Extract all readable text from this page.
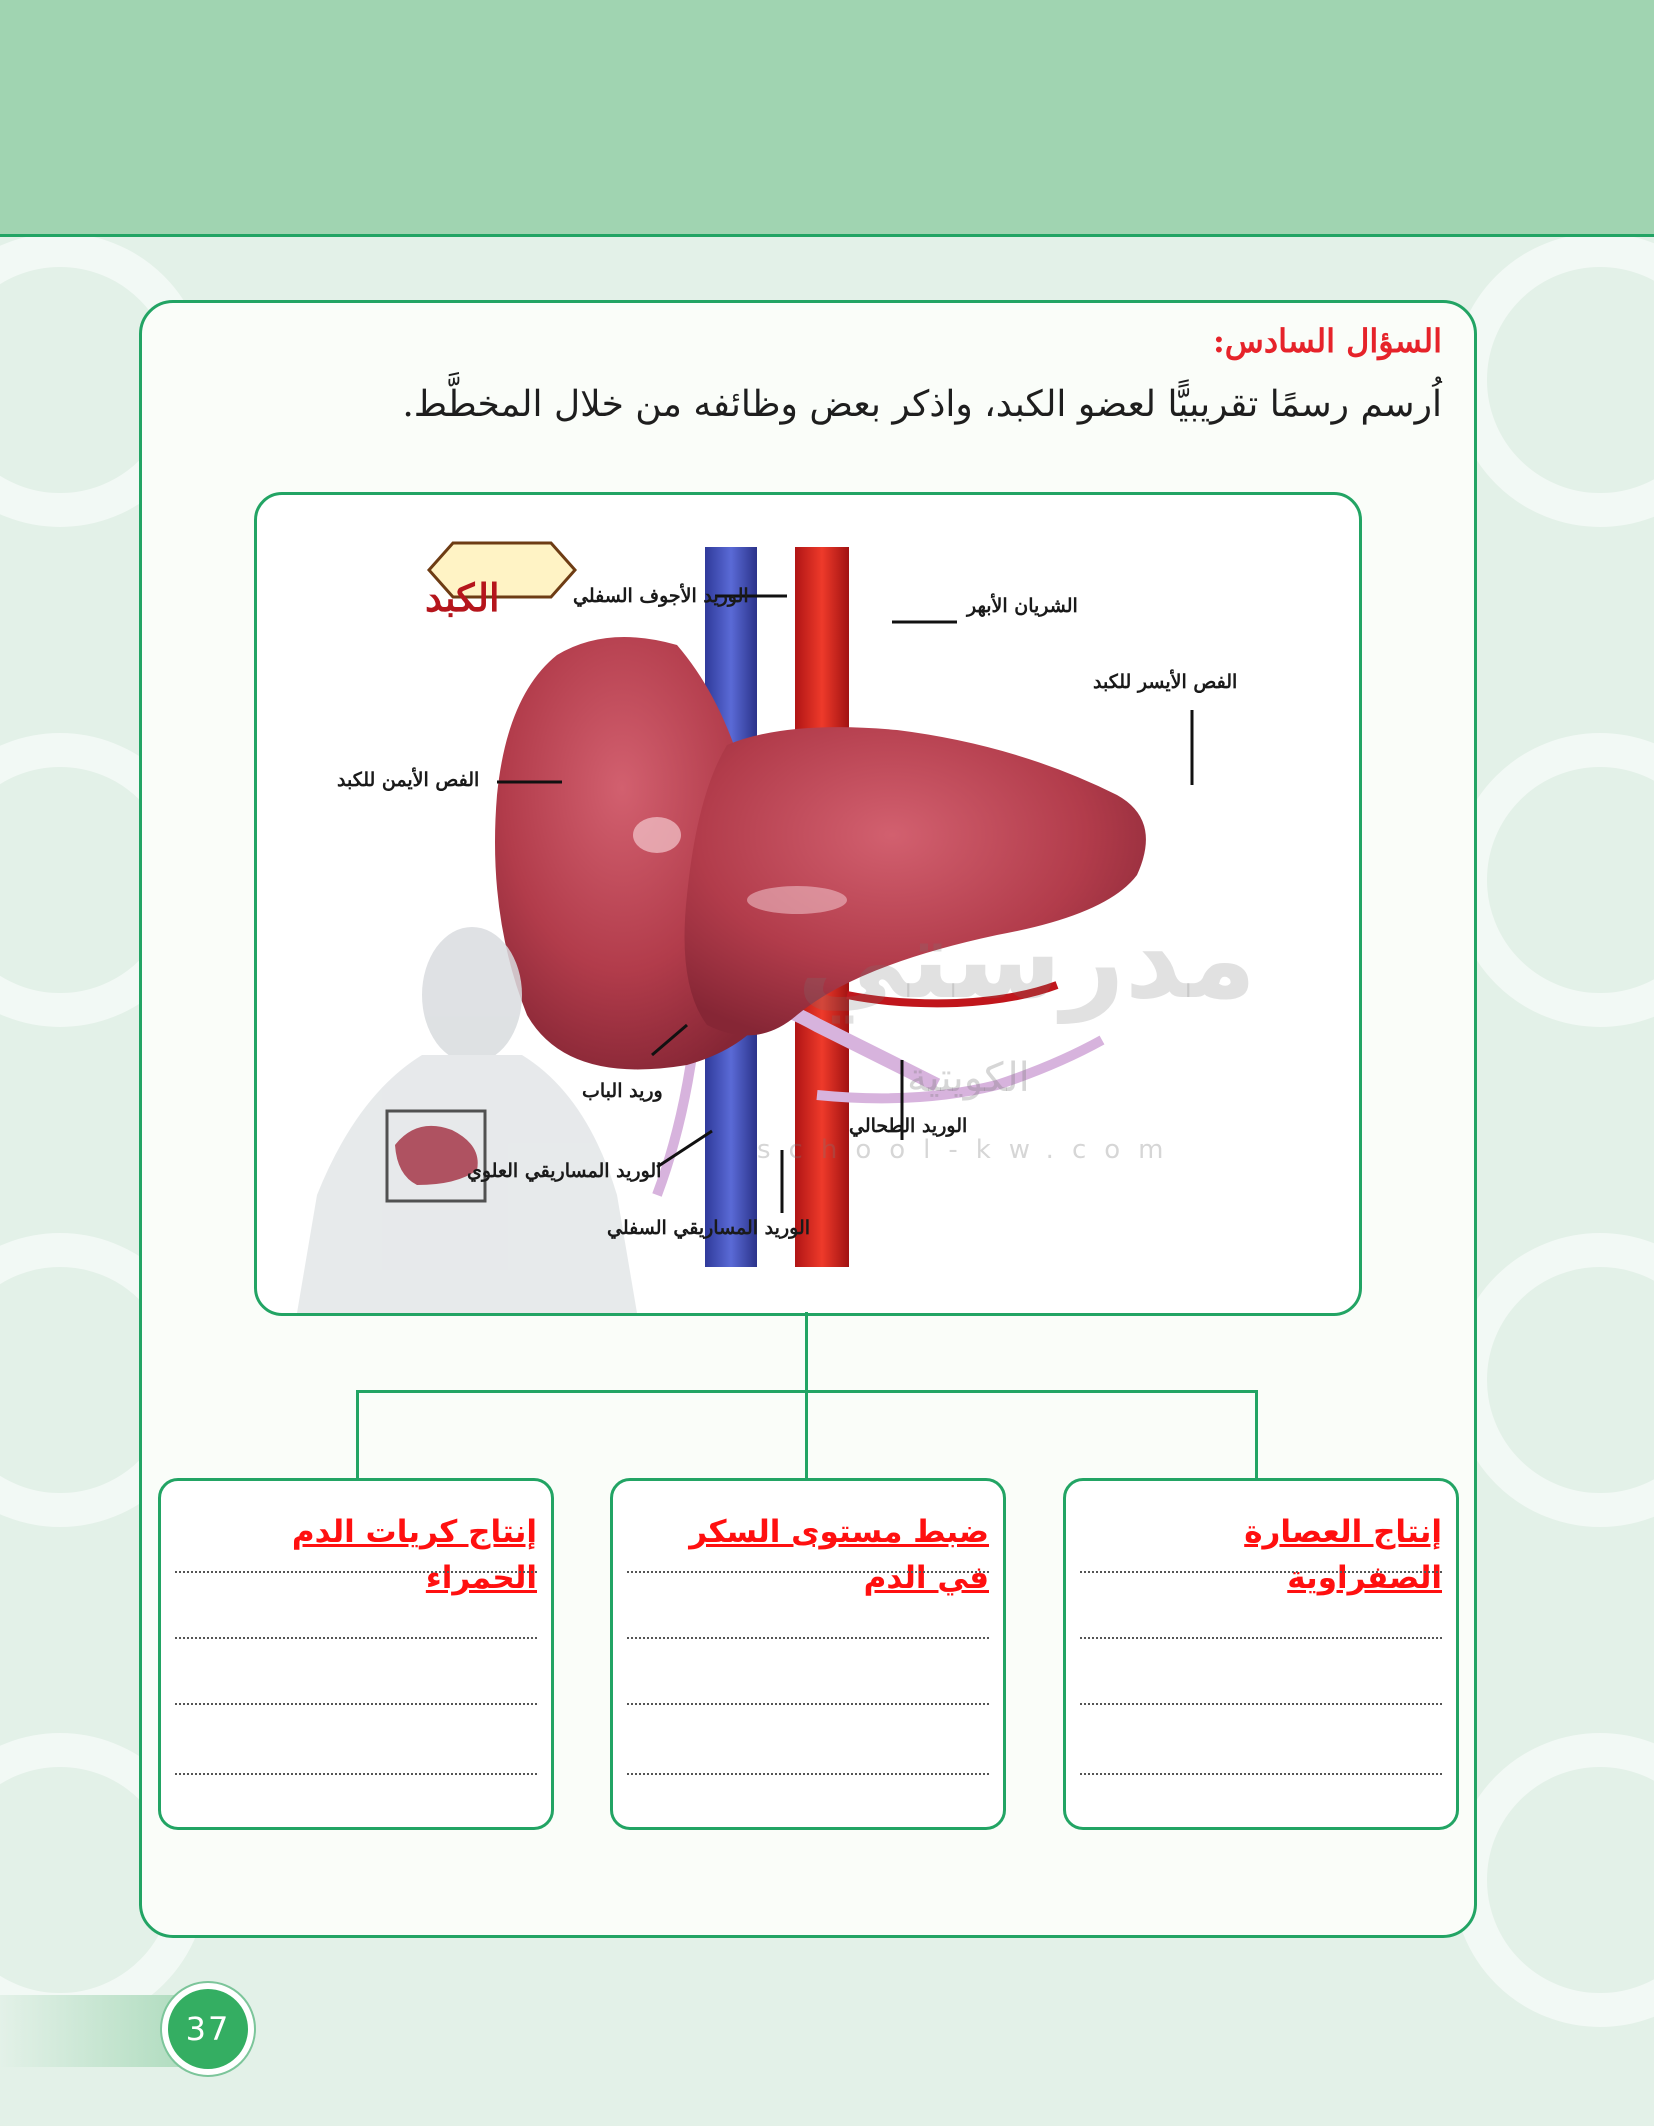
السؤال السادس:
اُرسم رسمًا تقريبيًّا لعضو الكبد، واذكر بعض وظائفه من خلال المخطَّط.
الكبد	الوريد الأجوف السفلي	الشريان الأبهر
الفص الأيسر للكبد
الفص الأيمن للكبد
وريد الباب
الوريد الطحالي
الوريد المساريقي العلوي
الوريد المساريقي السفلي
مدرستي
الكويتية
school-kw.com
إنتاج كريات الدم الحمراء
ضبط مستوى السكر في الدم
إنتاج العصارة الصفراوية
37
